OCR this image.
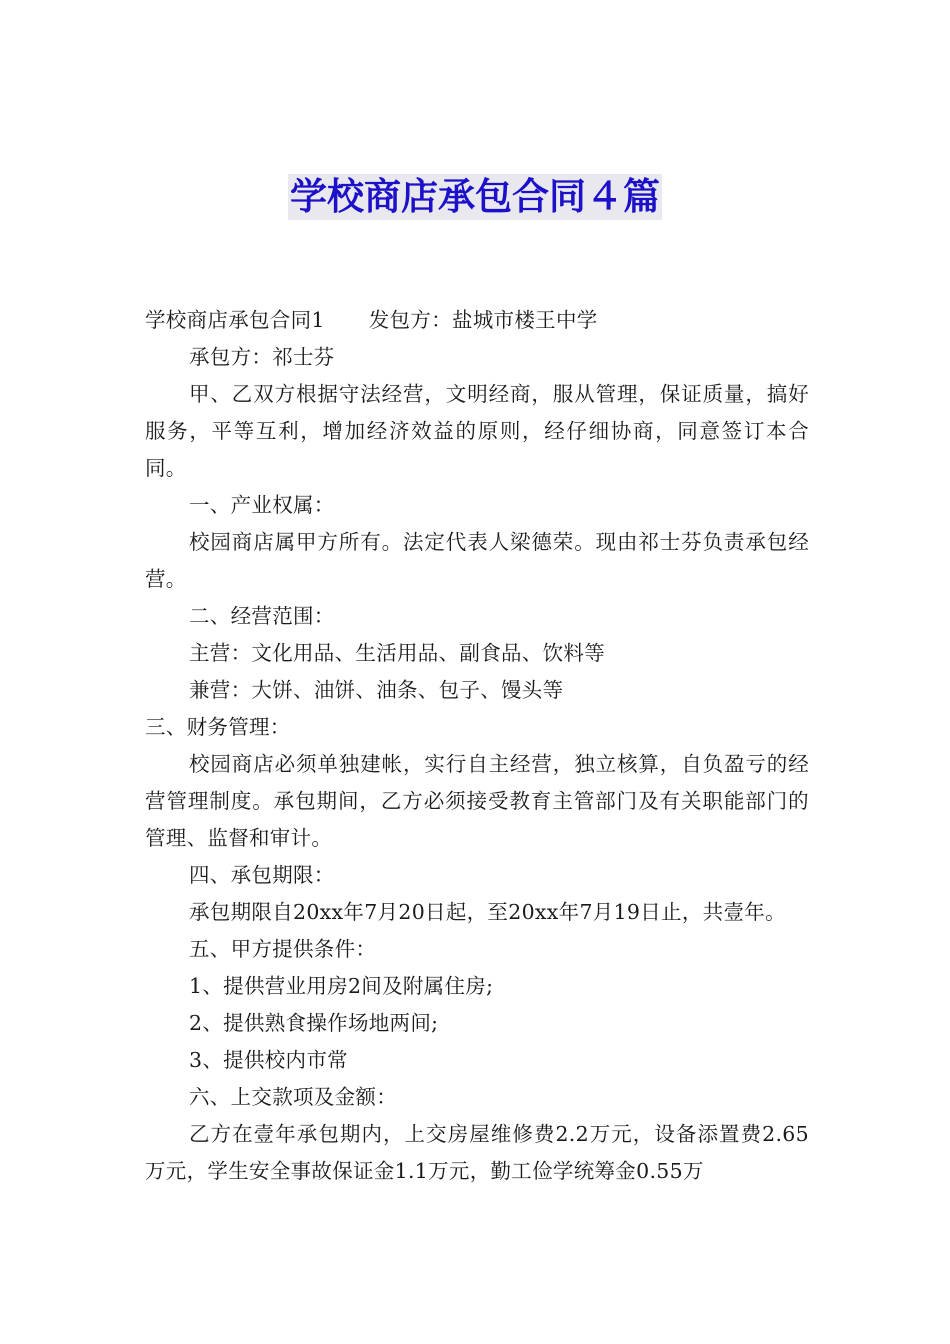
学校商店承包合同４篇
学校商店承包合同1 发包方：盐城市楼王中学
承包方：祁士芬
甲、乙双方根据守法经营，文明经商，服从管理，保证质量，搞好服务，平等互利，增加经济效益的原则，经仔细协商，同意签订本合同。
一、产业权属：
校园商店属甲方所有。法定代表人梁德荣。现由祁士芬负责承包经营。
二、经营范围：
主营：文化用品、生活用品、副食品、饮料等
兼营：大饼、油饼、油条、包子、馒头等
三、财务管理：
校园商店必须单独建帐，实行自主经营，独立核算，自负盈亏的经营管理制度。承包期间，乙方必须接受教育主管部门及有关职能部门的管理、监督和审计。
四、承包期限：
承包期限自20xx年7月20日起，至20xx年7月19日止，共壹年。
五、甲方提供条件：
1、提供营业用房2间及附属住房;
2、提供熟食操作场地两间;
3、提供校内市常
六、上交款项及金额：
乙方在壹年承包期内，上交房屋维修费2.2万元，设备添置费2.65万元，学生安全事故保证金1.1万元，勤工俭学统筹金0.55万
